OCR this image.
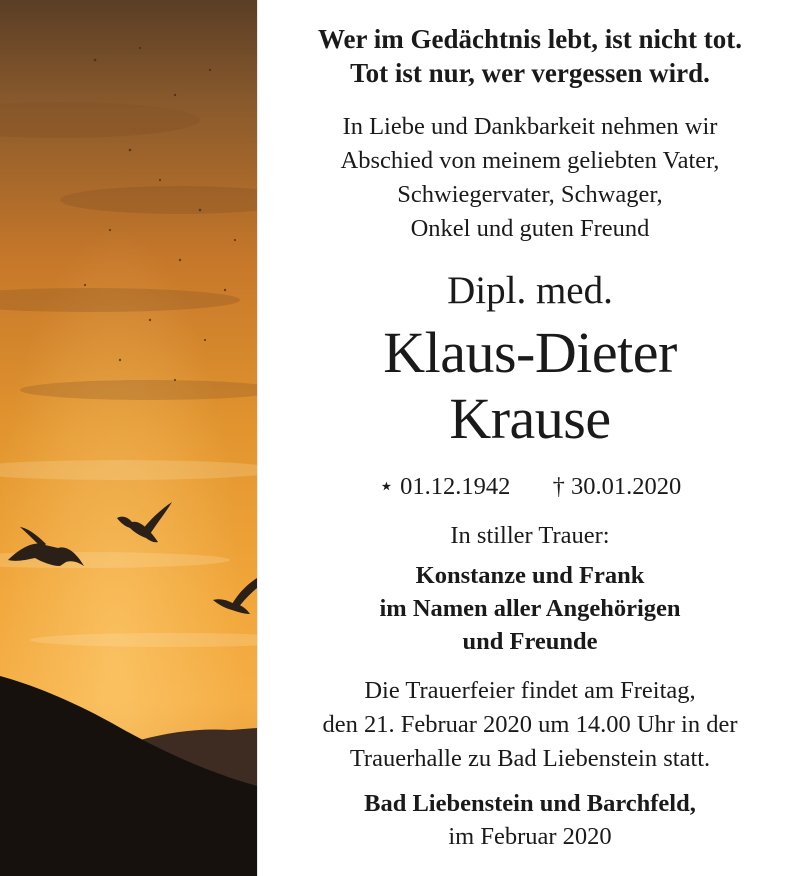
Wer im Gedächtnis lebt, ist nicht tot.
Tot ist nur, wer vergessen wird.
In Liebe und Dankbarkeit nehmen wir
Abschied von meinem geliebten Vater,
Schwiegervater, Schwager,
Onkel und guten Freund
Dipl. med.
Klaus-Dieter
Krause
⋆ 01.12.1942 † 30.01.2020
In stiller Trauer:
Konstanze und Frank
im Namen aller Angehörigen
und Freunde
Die Trauerfeier findet am Freitag,
den 21. Februar 2020 um 14.00 Uhr in der
Trauerhalle zu Bad Liebenstein statt.
Bad Liebenstein und Barchfeld,
im Februar 2020
